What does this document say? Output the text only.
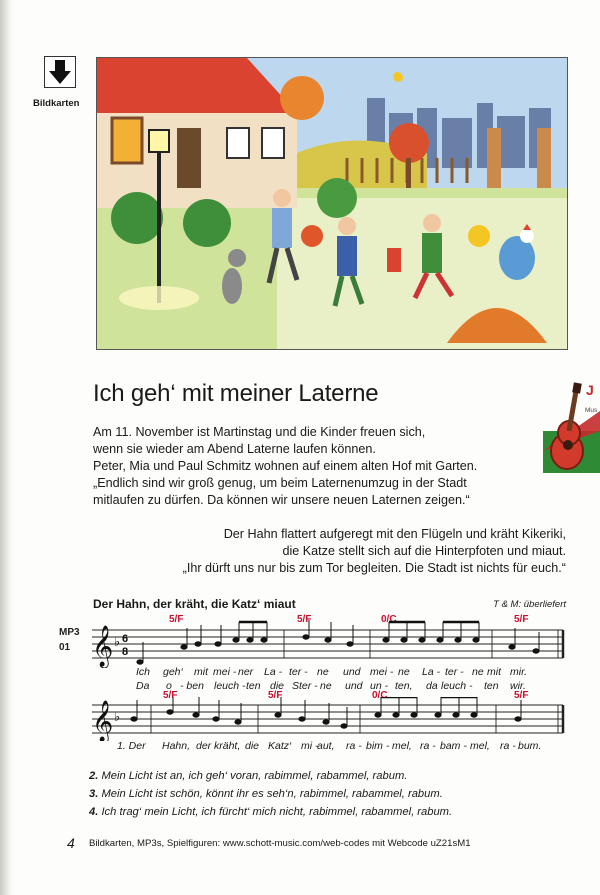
Bildkarten
Ich geh‘ mit meiner Laterne
Am 11. November ist Martinstag und die Kinder freuen sich,
wenn sie wieder am Abend Laterne laufen können.
Peter, Mia und Paul Schmitz wohnen auf einem alten Hof mit Garten.
„Endlich sind wir groß genug, um beim Laternenumzug in der Stadt
mitlaufen zu dürfen. Da können wir unsere neuen Laternen zeigen.“
Der Hahn flattert aufgeregt mit den Flügeln und kräht Kikeriki,
die Katze stellt sich auf die Hinterpfoten und miaut.
„Ihr dürft uns nur bis zum Tor begleiten. Die Stadt ist nichts für euch.“
J
Mus
Der Hahn, der kräht, die Katz‘ miaut	T & M: überliefert
MP3
01
5/F	5/F	0/C	5/F
5/F	5/F	0/C	5/F
𝄞 ♭ 6
8
Ich geh‘ mit mei - ner La - ter - ne und mei - ne La - ter - ne mit mir.
Da o - ben leuch - ten die Ster - ne und un - ten, da leuch - ten wir.
𝄞 ♭
1. Der Hahn, der kräht, die Katz‘ mi -
aut, ra - bim - mel, ra - bam - mel, ra - bum.
2. Mein Licht ist an, ich geh‘ voran, rabimmel, rabammel, rabum.
3. Mein Licht ist schön, könnt ihr es seh‘n, rabimmel, rabammel, rabum.
4. Ich trag‘ mein Licht, ich fürcht‘ mich nicht, rabimmel, rabammel, rabum.
4 Bildkarten, MP3s, Spielfiguren: www.schott-music.com/web-codes mit Webcode uZ21sM1
